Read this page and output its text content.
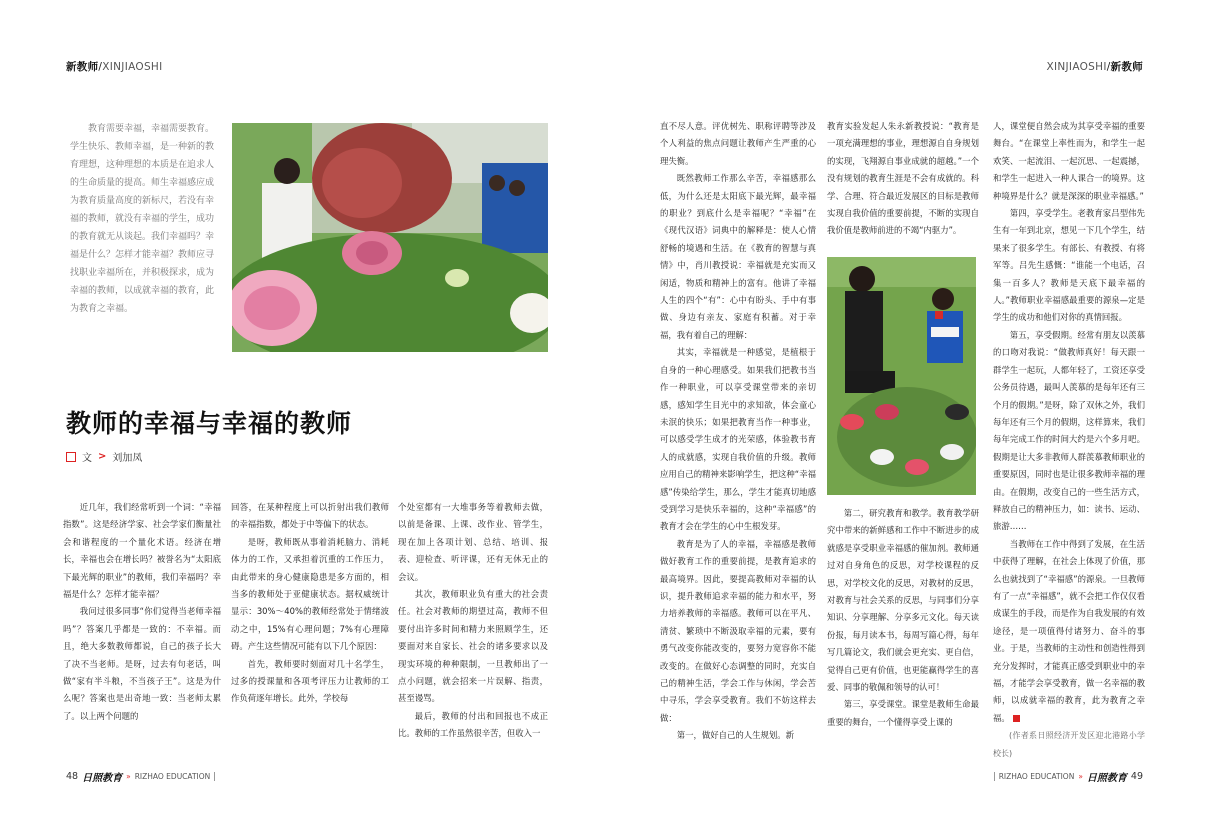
新教师/XINJIAOSHI	XINJIAOSHI/新教师
教育需要幸福，幸福需要教育。学生快乐、教师幸福，是一种新的教育理想，这种理想的本质是在追求人的生命质量的提高。师生幸福感应成为教育质量高度的新标尺，若没有幸福的教师，就没有幸福的学生，成功的教育就无从谈起。我们幸福吗？幸福是什么？怎样才能幸福？教师应寻找职业幸福所在，并积极探求，成为幸福的教师，以成就幸福的教育，此为教育之幸福。
教师的幸福与幸福的教师
文 > 刘加凤

近几年，我们经常听到一个词：“幸福指数”。这是经济学家、社会学家们衡量社会和谐程度的一个量化术语。经济在增长，幸福也会在增长吗？被誉名为“太阳底下最光辉的职业”的教师，我们幸福吗？幸福是什么？怎样才能幸福？

我问过很多同事“你们觉得当老师幸福吗”？答案几乎都是一致的：不幸福。而且，绝大多数教师都说，自己的孩子长大了决不当老师。是呀，过去有句老话，叫做“家有半斗粮，不当孩子王”。这是为什么呢？答案也是出奇地一致：当老师太累了。以上两个问题的

回答，在某种程度上可以折射出我们教师的幸福指数，都处于中等偏下的状态。

是呀，教师既从事着消耗脑力、消耗体力的工作，又承担着沉重的工作压力，由此带来的身心健康隐患是多方面的，相当多的教师处于亚健康状态。据权威统计显示：30%～40%的教师经常处于情绪波动之中，15%有心理问题；7%有心理障碍。产生这些情况可能有以下几个原因：

首先，教师要时刻面对几十名学生，过多的授课量和各项考评压力让教师的工作负荷逐年增长。此外，学校每

个处室都有一大堆事务等着教师去做，以前是备课、上课、改作业、管学生，现在加上各项计划、总结、培训、报表、迎检查、听评课，还有无休无止的会议。

其次，教师职业负有重大的社会责任。社会对教师的期望过高，教师不但要付出许多时间和精力来照顾学生，还要面对来自家长、社会的诸多要求以及现实环境的种种限制，一旦教师出了一点小问题，就会招来一片误解、指责，甚至谩骂。

最后，教师的付出和回报也不成正比。教师的工作虽然很辛苦，但收入一

直不尽人意。评优树先、职称评聘等涉及个人利益的焦点问题让教师产生严重的心理失衡。

既然教师工作那么辛苦，幸福感那么低，为什么还是太阳底下最光辉，最幸福的职业？到底什么是幸福呢？“幸福”在《现代汉语》词典中的解释是：使人心情舒畅的境遇和生活。在《教育的智慧与真情》中，肖川教授说：幸福就是充实而又闲适，物质和精神上的富有。他讲了幸福人生的四个“有”：心中有盼头、手中有事做、身边有亲友、家庭有积蓄。对于幸福，我有着自己的理解：

其实，幸福就是一种感觉，是植根于自身的一种心理感受。如果我们把教书当作一种职业，可以享受课堂带来的亲切感，感知学生目光中的求知欲，体会童心未泯的快乐；如果把教育当作一种事业，可以感受学生成才的光荣感，体验教书育人的成就感，实现自我价值的升级。教师应用自己的精神来影响学生，把这种“幸福感”传染给学生，那么，学生才能真切地感受到学习是快乐幸福的，这种“幸福感”的教育才会在学生的心中生根发芽。

教育是为了人的幸福，幸福感是教师做好教育工作的重要前提，是教育追求的最高境界。因此，要提高教师对幸福的认识，提升教师追求幸福的能力和水平，努力培养教师的幸福感。教师可以在平凡、清贫、繁琐中不断汲取幸福的元素，要有勇气改变你能改变的，要努力宽容你不能改变的。在做好心态调整的同时，充实自己的精神生活，学会工作与休闲，学会苦中寻乐，学会享受教育。我们不妨这样去做：

第一，做好自己的人生规划。新

教育实验发起人朱永新教授说：“教育是一项充满理想的事业，理想源自自身规划的实现，飞翔源自事业成就的超越。”一个没有规划的教育生涯是不会有成就的。科学、合理、符合最近发展区的目标是教师实现自我价值的重要前提，不断的实现自我价值是教师前进的不竭“内驱力”。

第二，研究教育和教学。教育教学研究中带来的新鲜感和工作中不断进步的成就感是享受职业幸福感的催加剂。教师通过对自身角色的反思，对学校课程的反思，对学校文化的反思，对教材的反思，对教育与社会关系的反思，与同事们分享知识、分享理解、分享多元文化。每天读份报，每月读本书，每周写篇心得，每年写几篇论文，我们就会更充实、更自信，觉得自己更有价值，也更能赢得学生的喜爱、同事的敬佩和领导的认可！

第三，享受课堂。课堂是教师生命最重要的舞台，一个懂得享受上课的

人，课堂便自然会成为其享受幸福的重要舞台。“在课堂上率性而为，和学生一起欢笑、一起流泪、一起沉思、一起震撼，和学生一起进入一种人课合一的境界。这种境界是什么？就是深深的职业幸福感。”

第四，享受学生。老教育家吕型伟先生有一年到北京，想见一下几个学生，结果来了很多学生。有部长、有教授、有将军等。吕先生感慨：“谁能一个电话，召集一百多人？教师是天底下最幸福的人。”教师职业幸福感最重要的源泉—定是学生的成功和他们对你的真情回报。

第五，享受假期。经常有朋友以羡慕的口吻对我说：“做教师真好！每天跟一群学生一起玩，人都年轻了，工资还享受公务员待遇，最叫人羡慕的是每年还有三个月的假期。”是呀，除了双休之外，我们每年还有三个月的假期，这样算来，我们每年完成工作的时间大约是六个多月吧。假期是让大多非教师人群羡慕教师职业的重要原因，同时也是让很多教师幸福的理由。在假期，改变自己的一些生活方式，释放自己的精神压力，如：读书、运动、旅游……

当教师在工作中得到了发展，在生活中获得了理解，在社会上体现了价值，那么也就找到了“幸福感”的源泉。一旦教师有了一点“幸福感”，就不会把工作仅仅看成谋生的手段，而是作为自我发展的有效途径，是一项值得付诸努力、奋斗的事业。于是，当教师的主动性和创造性得到充分发挥时，才能真正感受到职业中的幸福，才能学会享受教育，做一名幸福的教师，以成就幸福的教育，此为教育之幸福。

(作者系日照经济开发区迎北港路小学校长)

48 日照教育 » RIZHAO EDUCATION	RIZHAO EDUCATION » 日照教育 49
